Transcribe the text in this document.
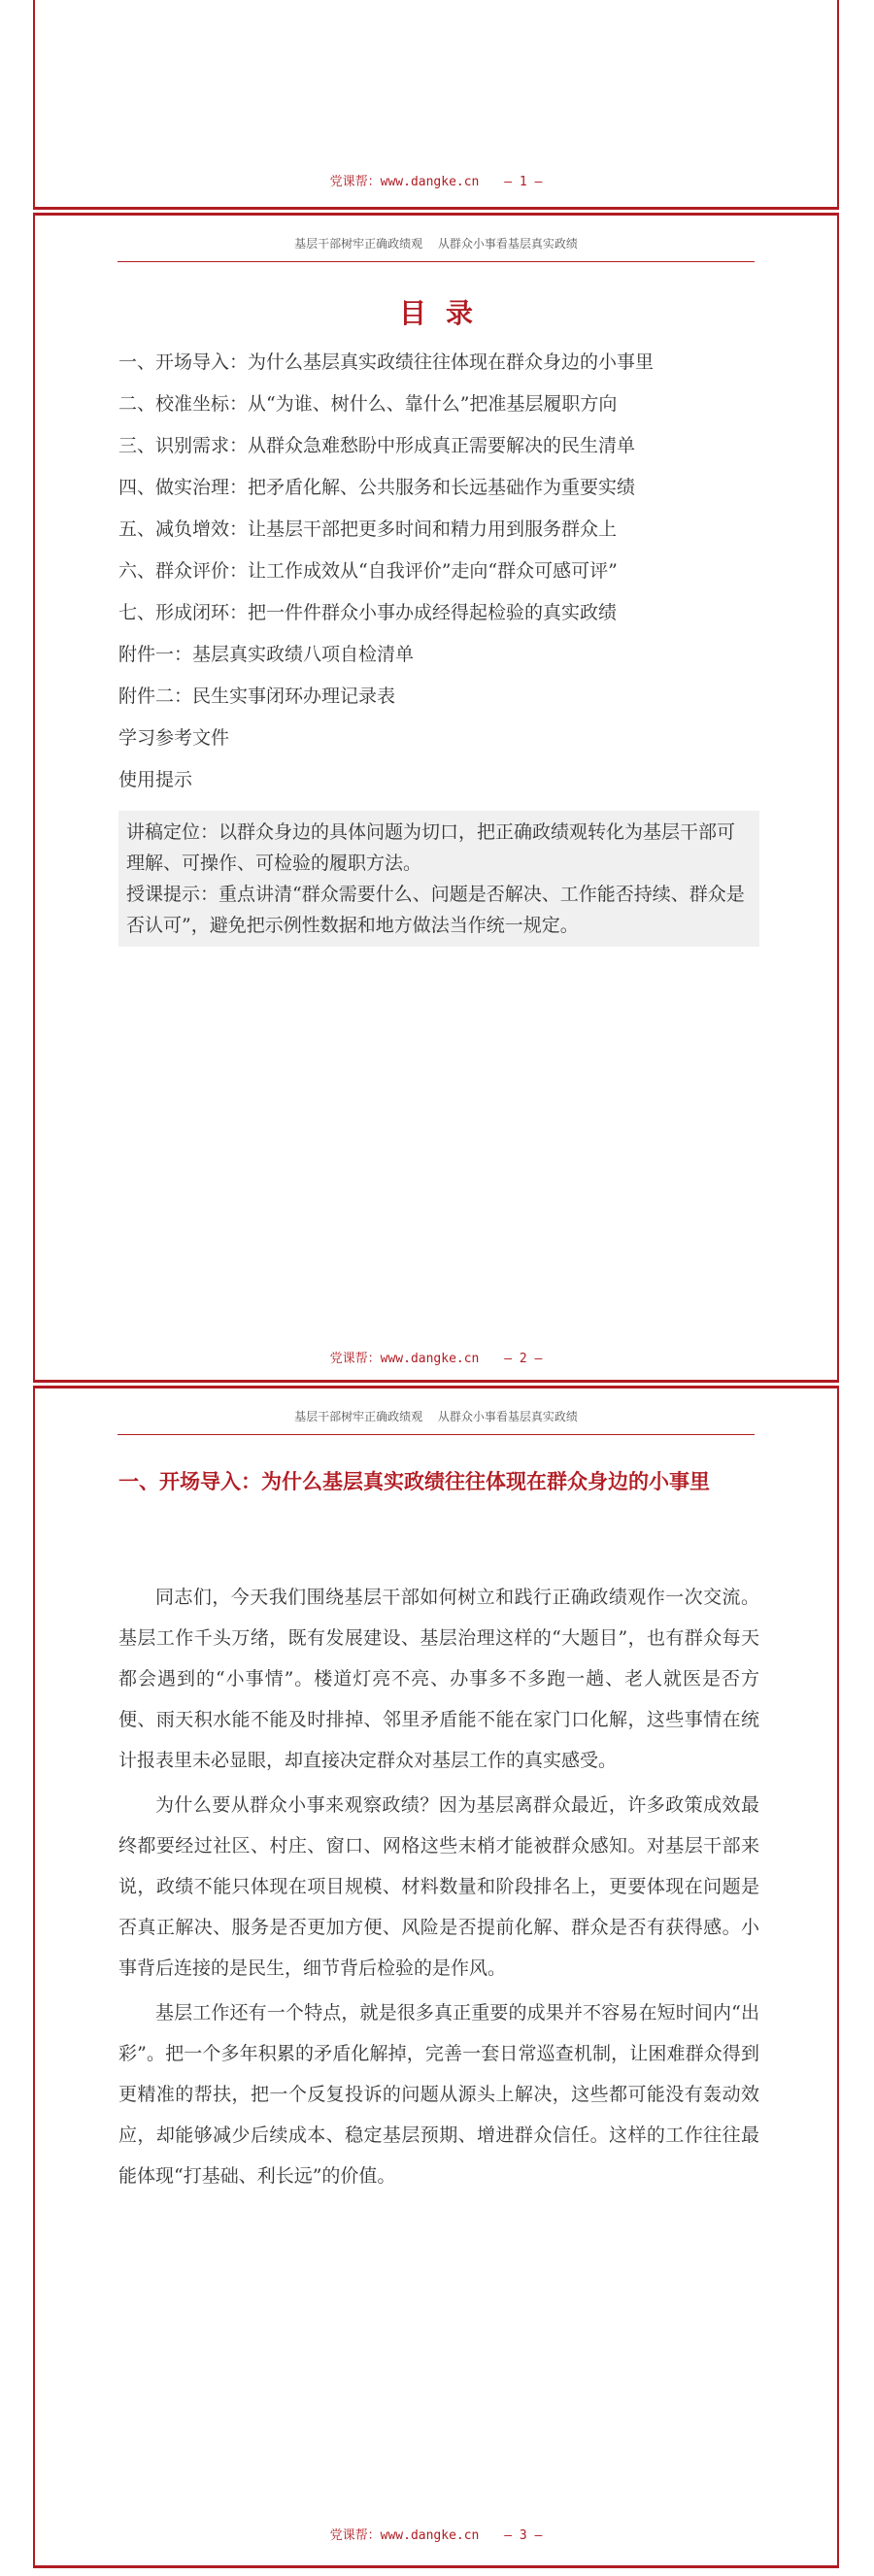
党课帮：www.dangke.cn — 1 —
基层干部树牢正确政绩观 从群众小事看基层真实政绩
目录
一、开场导入：为什么基层真实政绩往往体现在群众身边的小事里
二、校准坐标：从“为谁、树什么、靠什么”把准基层履职方向
三、识别需求：从群众急难愁盼中形成真正需要解决的民生清单
四、做实治理：把矛盾化解、公共服务和长远基础作为重要实绩
五、减负增效：让基层干部把更多时间和精力用到服务群众上
六、群众评价：让工作成效从“自我评价”走向“群众可感可评”
七、形成闭环：把一件件群众小事办成经得起检验的真实政绩
附件一：基层真实政绩八项自检清单
附件二：民生实事闭环办理记录表
学习参考文件
使用提示
讲稿定位：以群众身边的具体问题为切口，把正确政绩观转化为基层干部可理解、可操作、可检验的履职方法。
授课提示：重点讲清“群众需要什么、问题是否解决、工作能否持续、群众是否认可”，避免把示例性数据和地方做法当作统一规定。
党课帮：www.dangke.cn — 2 —
基层干部树牢正确政绩观 从群众小事看基层真实政绩
一、开场导入：为什么基层真实政绩往往体现在群众身边的小事里

同志们，今天我们围绕基层干部如何树立和践行正确政绩观作一次交流。基层工作千头万绪，既有发展建设、基层治理这样的“大题目”，也有群众每天都会遇到的“小事情”。楼道灯亮不亮、办事多不多跑一趟、老人就医是否方便、雨天积水能不能及时排掉、邻里矛盾能不能在家门口化解，这些事情在统计报表里未必显眼，却直接决定群众对基层工作的真实感受。

为什么要从群众小事来观察政绩？因为基层离群众最近，许多政策成效最终都要经过社区、村庄、窗口、网格这些末梢才能被群众感知。对基层干部来说，政绩不能只体现在项目规模、材料数量和阶段排名上，更要体现在问题是否真正解决、服务是否更加方便、风险是否提前化解、群众是否有获得感。小事背后连接的是民生，细节背后检验的是作风。

基层工作还有一个特点，就是很多真正重要的成果并不容易在短时间内“出彩”。把一个多年积累的矛盾化解掉，完善一套日常巡查机制，让困难群众得到更精准的帮扶，把一个反复投诉的问题从源头上解决，这些都可能没有轰动效应，却能够减少后续成本、稳定基层预期、增进群众信任。这样的工作往往最能体现“打基础、利长远”的价值。

党课帮：www.dangke.cn — 3 —
